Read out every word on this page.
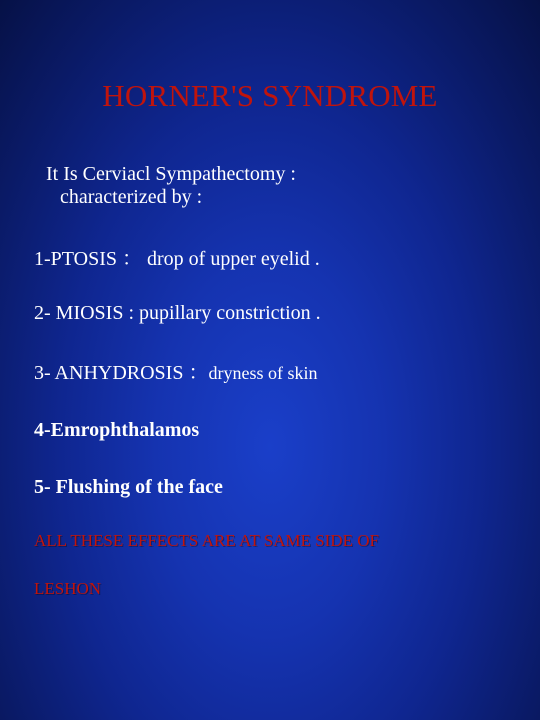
HORNER'S SYNDROME
It Is Cerviacl Sympathectomy :
characterized by :
1-PTOSIS ： drop of upper eyelid .
2- MIOSIS : pupillary constriction .
3- ANHYDROSIS ：dryness of skin
4-Emrophthalamos
5- Flushing of the face
ALL THESE EFFECTS ARE AT SAME SIDE OF
LESHON
